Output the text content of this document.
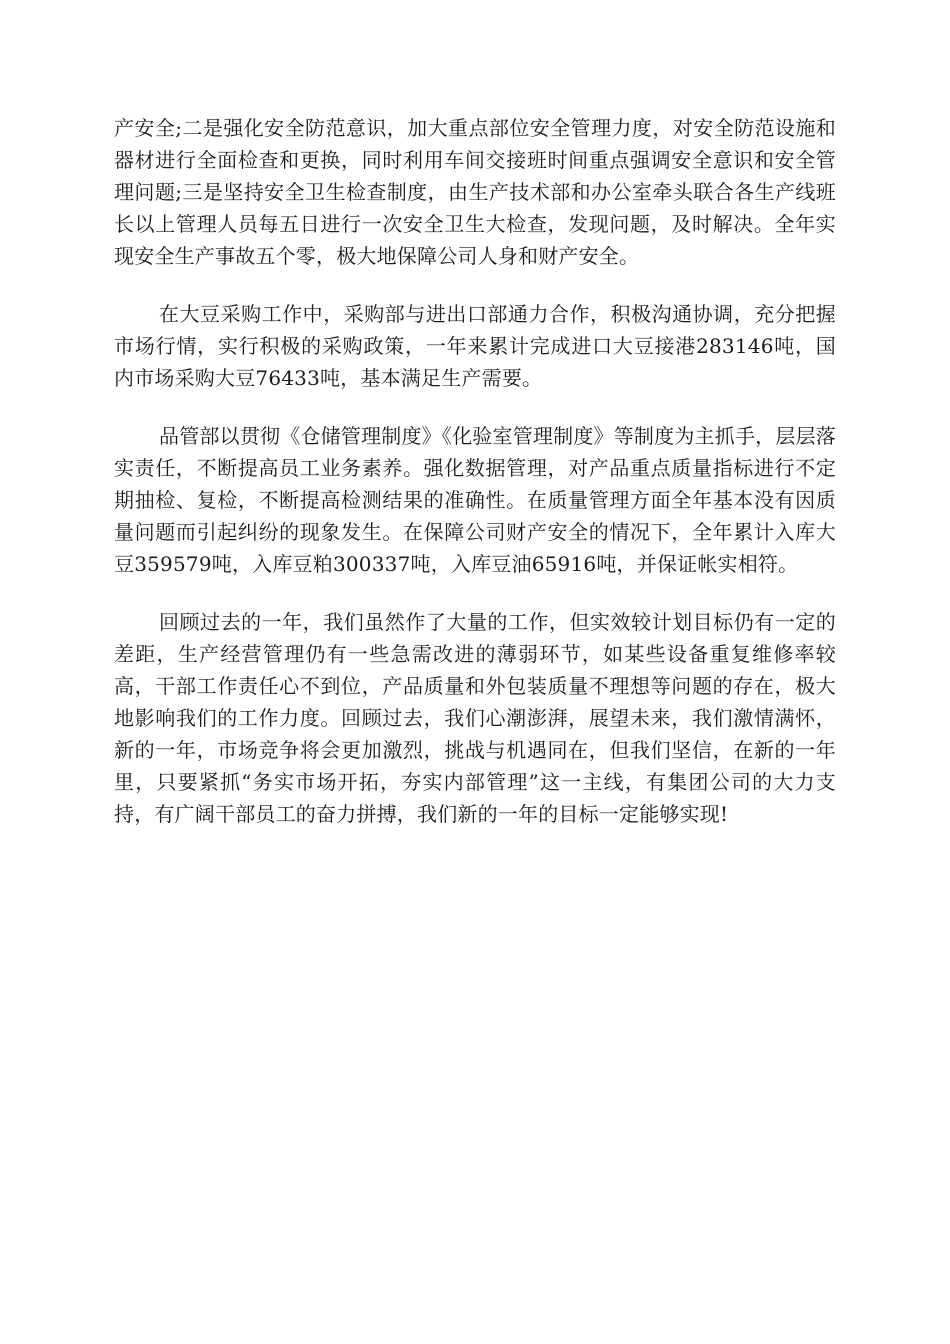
产安全;二是强化安全防范意识，加大重点部位安全管理力度，对安全防范设施和器材进行全面检查和更换，同时利用车间交接班时间重点强调安全意识和安全管理问题;三是坚持安全卫生检查制度，由生产技术部和办公室牵头联合各生产线班长以上管理人员每五日进行一次安全卫生大检查，发现问题，及时解决。全年实现安全生产事故五个零，极大地保障公司人身和财产安全。

在大豆采购工作中，采购部与进出口部通力合作，积极沟通协调，充分把握市场行情，实行积极的采购政策，一年来累计完成进口大豆接港283146吨，国内市场采购大豆76433吨，基本满足生产需要。

品管部以贯彻《仓储管理制度》《化验室管理制度》等制度为主抓手，层层落实责任，不断提高员工业务素养。强化数据管理，对产品重点质量指标进行不定期抽检、复检，不断提高检测结果的准确性。在质量管理方面全年基本没有因质量问题而引起纠纷的现象发生。在保障公司财产安全的情况下，全年累计入库大豆359579吨，入库豆粕300337吨，入库豆油65916吨，并保证帐实相符。

回顾过去的一年，我们虽然作了大量的工作，但实效较计划目标仍有一定的差距，生产经营管理仍有一些急需改进的薄弱环节，如某些设备重复维修率较高，干部工作责任心不到位，产品质量和外包装质量不理想等问题的存在，极大地影响我们的工作力度。回顾过去，我们心潮澎湃，展望未来，我们激情满怀，新的一年，市场竞争将会更加激烈，挑战与机遇同在，但我们坚信，在新的一年里，只要紧抓“务实市场开拓，夯实内部管理”这一主线，有集团公司的大力支持，有广阔干部员工的奋力拼搏，我们新的一年的目标一定能够实现!
